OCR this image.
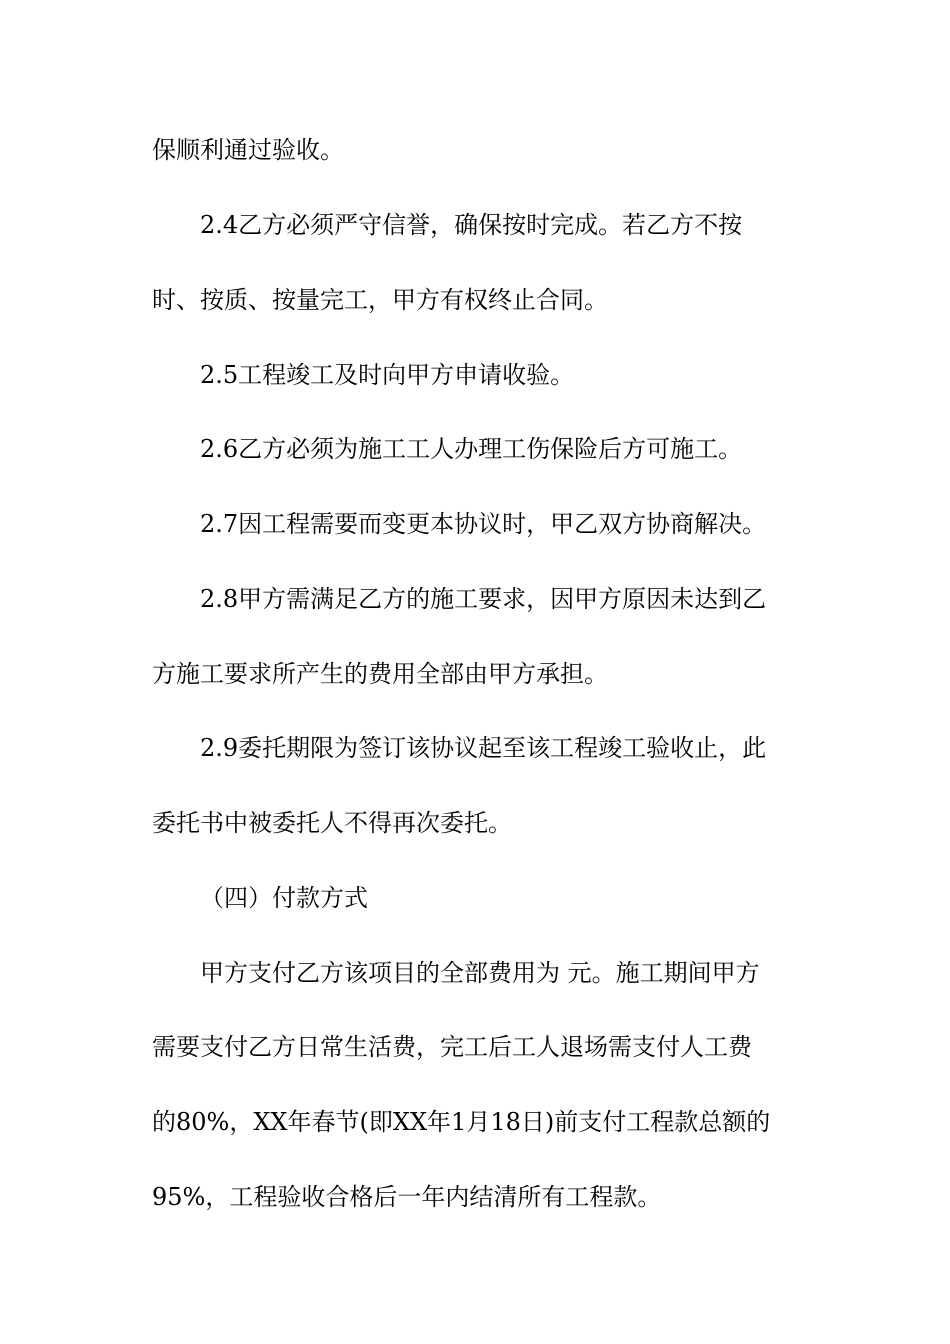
保顺利通过验收。
2.4乙方必须严守信誉，确保按时完成。若乙方不按
时、按质、按量完工，甲方有权终止合同。
2.5工程竣工及时向甲方申请收验。
2.6乙方必须为施工工人办理工伤保险后方可施工。
2.7因工程需要而变更本协议时，甲乙双方协商解决。
2.8甲方需满足乙方的施工要求，因甲方原因未达到乙
方施工要求所产生的费用全部由甲方承担。
2.9委托期限为签订该协议起至该工程竣工验收止，此
委托书中被委托人不得再次委托。
（四）付款方式
甲方支付乙方该项目的全部费用为 元。施工期间甲方
需要支付乙方日常生活费，完工后工人退场需支付人工费
的80%，XX年春节(即XX年1月18日)前支付工程款总额的
95%，工程验收合格后一年内结清所有工程款。
